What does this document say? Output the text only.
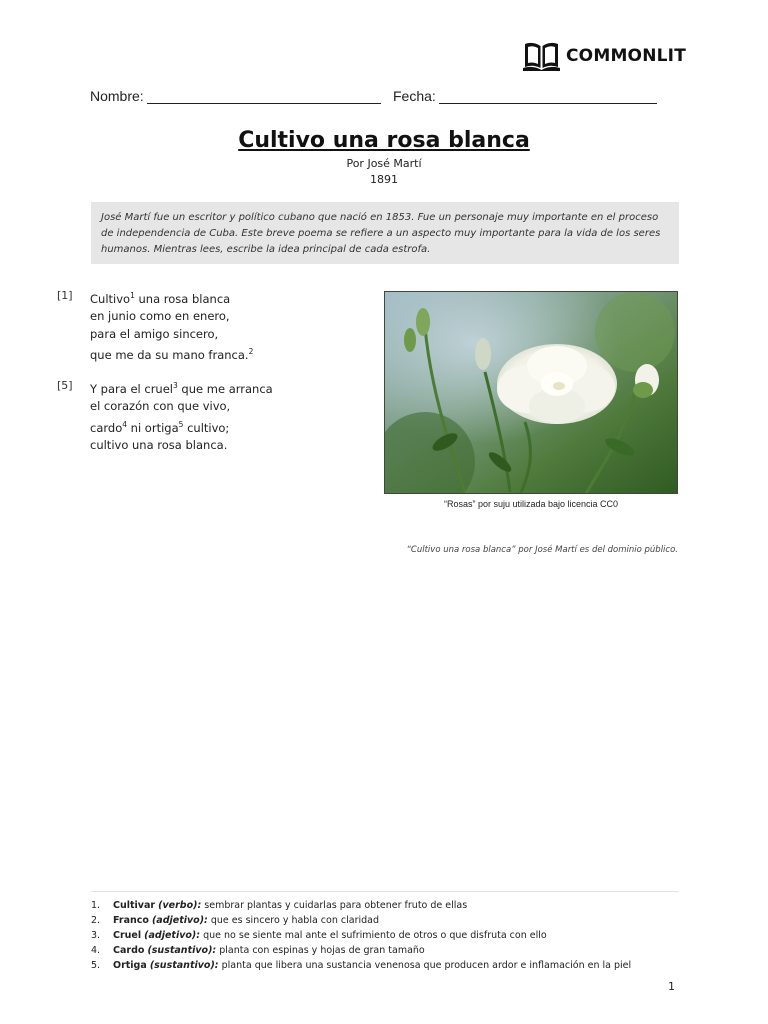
COMMONLIT
Nombre:	Fecha:
Cultivo una rosa blanca
Por José Martí
1891
José Martí fue un escritor y político cubano que nació en 1853. Fue un personaje muy importante en el proceso de independencia de Cuba. Este breve poema se refiere a un aspecto muy importante para la vida de los seres humanos. Mientras lees, escribe la idea principal de cada estrofa.
[1]	Cultivo$^1$ una rosa blanca
en junio como en enero,
para el amigo sincero,
que me da su mano franca.$^2$
[5]	Y para el cruel$^3$ que me arranca
el corazón con que vivo,
cardo$^4$ ni ortiga$^5$ cultivo;
cultivo una rosa blanca.
“Rosas” por suju utilizada bajo licencia CC0
“Cultivo una rosa blanca” por José Martí es del dominio público.
1.	Cultivar (verbo): sembrar plantas y cuidarlas para obtener fruto de ellas
2.	Franco (adjetivo): que es sincero y habla con claridad
3.	Cruel (adjetivo): que no se siente mal ante el sufrimiento de otros o que disfruta con ello
4.	Cardo (sustantivo): planta con espinas y hojas de gran tamaño
5.	Ortiga (sustantivo): planta que libera una sustancia venenosa que producen ardor e inflamación en la piel
1
